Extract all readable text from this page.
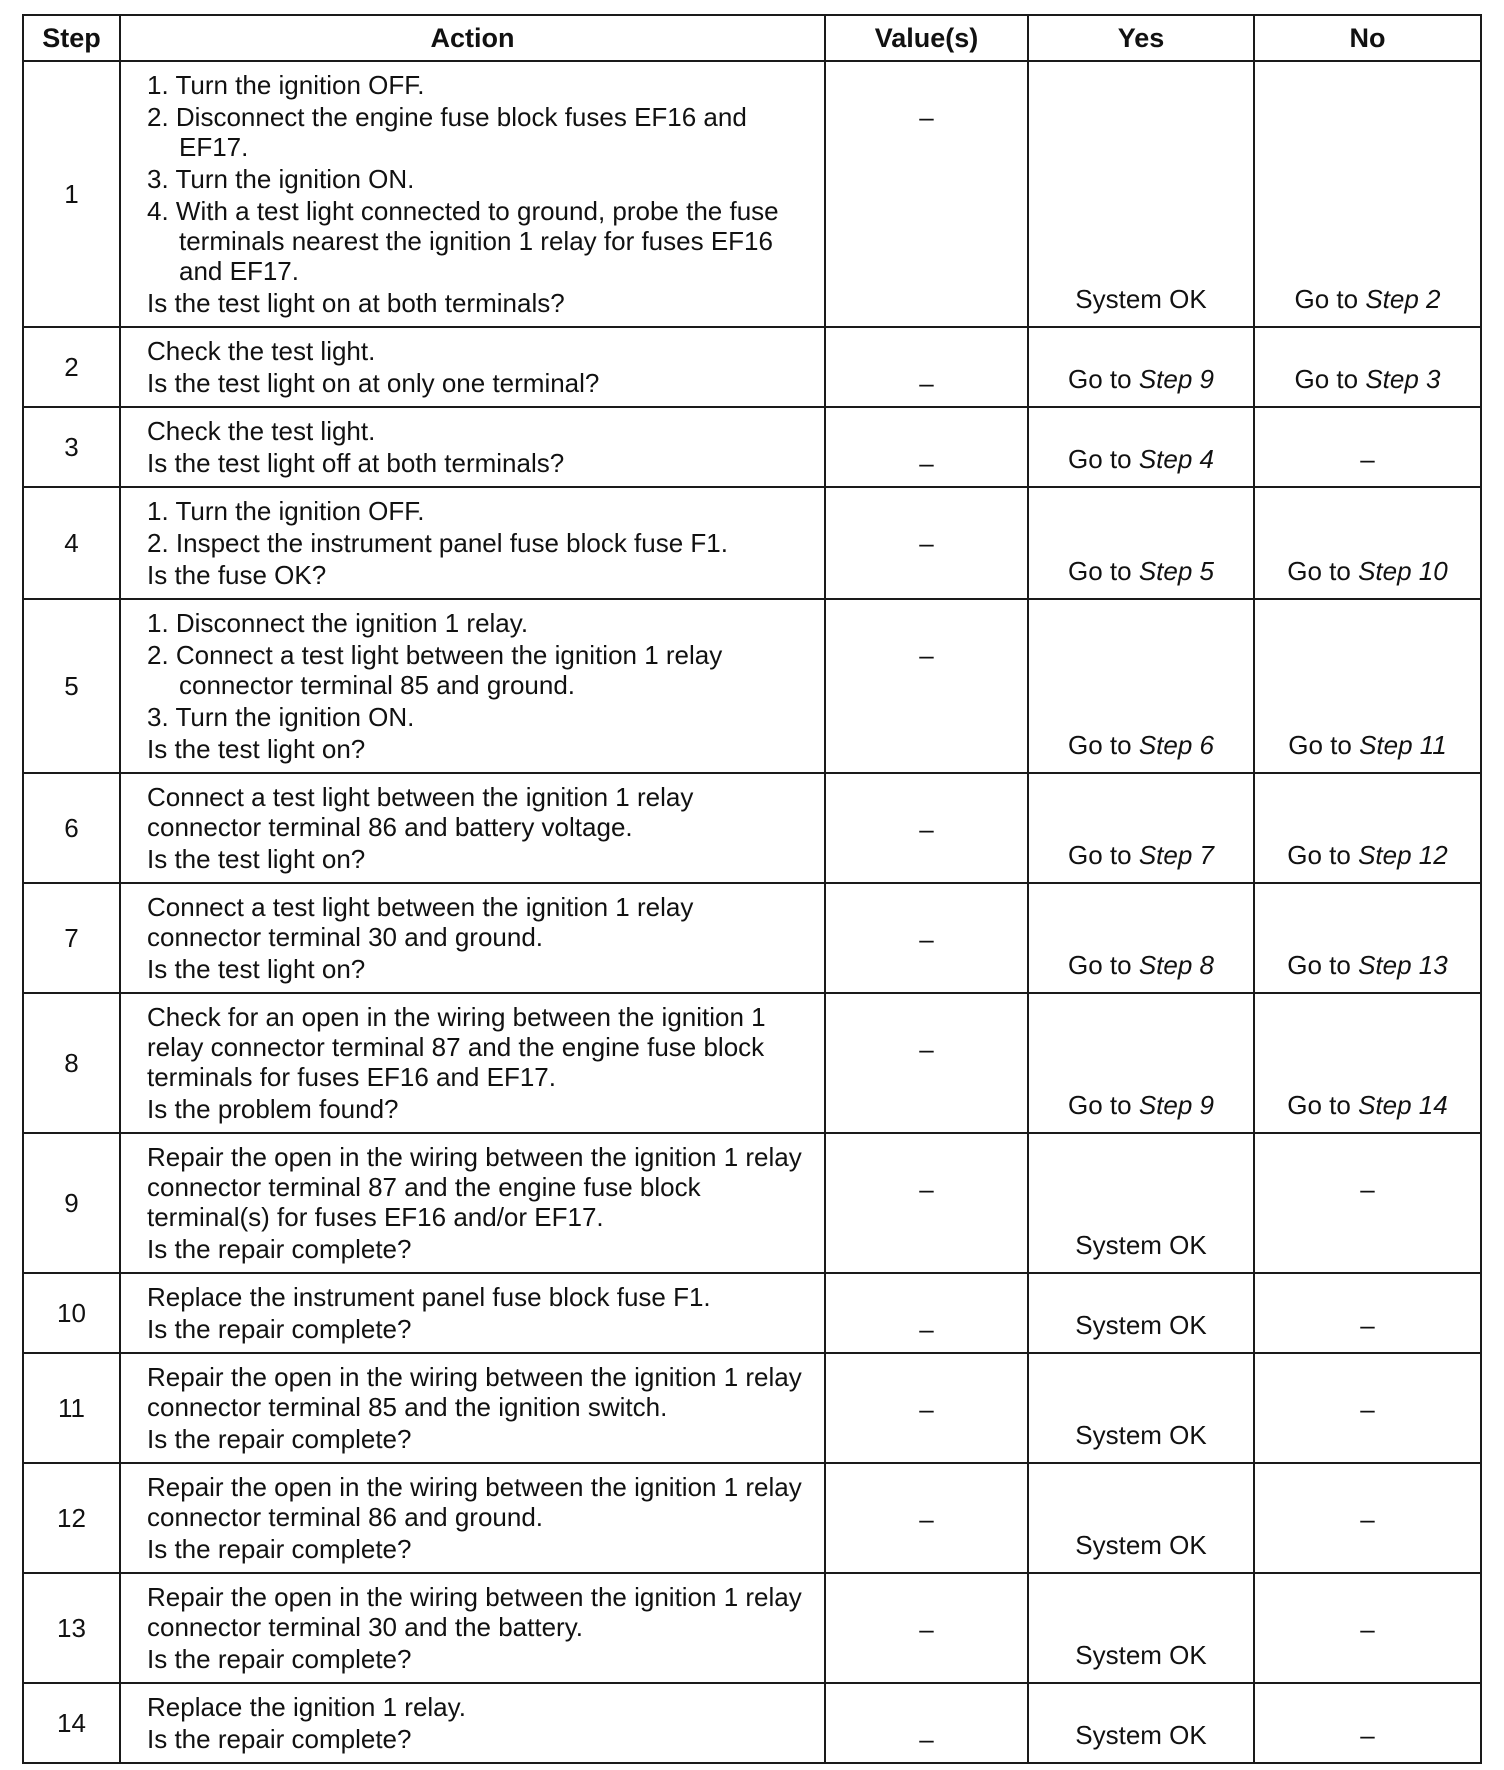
Step	Action	Value(s)	Yes	No
1	1. Turn the ignition OFF.
2. Disconnect the engine fuse block fuses EF16 and EF17.
3. Turn the ignition ON.
4. With a test light connected to ground, probe the fuse terminals nearest the ignition 1 relay for fuses EF16 and EF17.
Is the test light on at both terminals?	–	System OK	Go to Step 2
2	Check the test light.
Is the test light on at only one terminal?	–	Go to Step 9	Go to Step 3
3	Check the test light.
Is the test light off at both terminals?	–	Go to Step 4	–
4	1. Turn the ignition OFF.
2. Inspect the instrument panel fuse block fuse F1.
Is the fuse OK?	–	Go to Step 5	Go to Step 10
5	1. Disconnect the ignition 1 relay.
2. Connect a test light between the ignition 1 relay connector terminal 85 and ground.
3. Turn the ignition ON.
Is the test light on?	–	Go to Step 6	Go to Step 11
6	Connect a test light between the ignition 1 relay connector terminal 86 and battery voltage.
Is the test light on?	–	Go to Step 7	Go to Step 12
7	Connect a test light between the ignition 1 relay connector terminal 30 and ground.
Is the test light on?	–	Go to Step 8	Go to Step 13
8	Check for an open in the wiring between the ignition 1 relay connector terminal 87 and the engine fuse block terminals for fuses EF16 and EF17.
Is the problem found?	–	Go to Step 9	Go to Step 14
9	Repair the open in the wiring between the ignition 1 relay connector terminal 87 and the engine fuse block terminal(s) for fuses EF16 and/or EF17.
Is the repair complete?	–	System OK	–
10	Replace the instrument panel fuse block fuse F1.
Is the repair complete?	–	System OK	–
11	Repair the open in the wiring between the ignition 1 relay connector terminal 85 and the ignition switch.
Is the repair complete?	–	System OK	–
12	Repair the open in the wiring between the ignition 1 relay connector terminal 86 and ground.
Is the repair complete?	–	System OK	–
13	Repair the open in the wiring between the ignition 1 relay connector terminal 30 and the battery.
Is the repair complete?	–	System OK	–
14	Replace the ignition 1 relay.
Is the repair complete?	–	System OK	–
